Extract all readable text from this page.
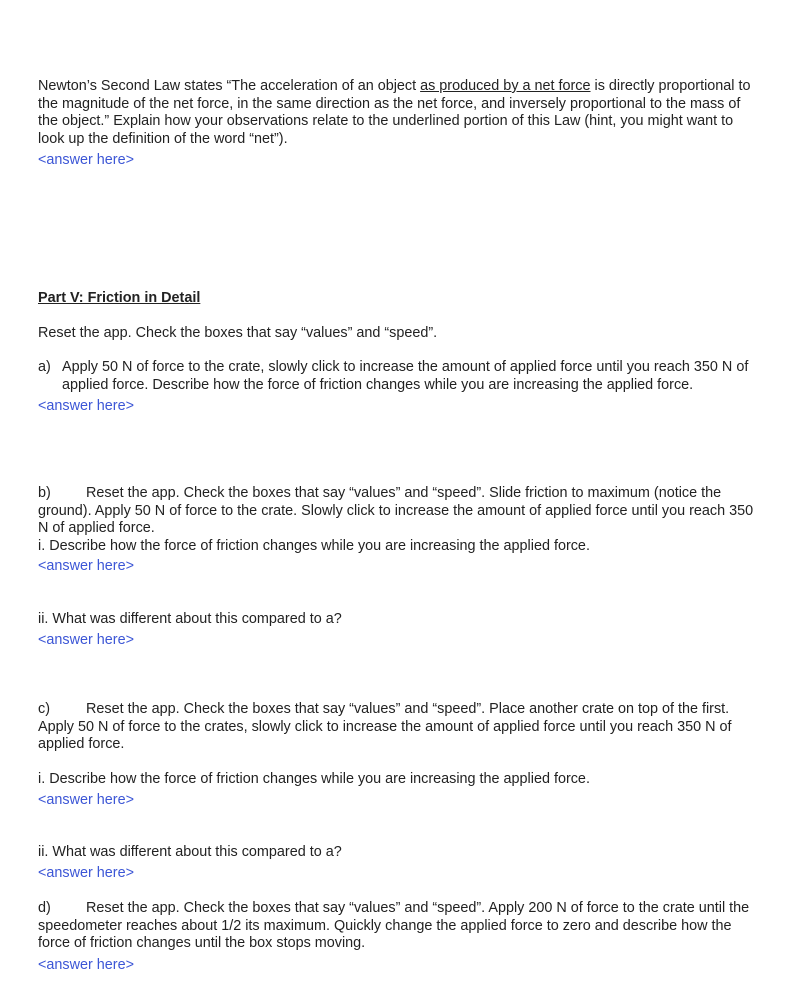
Newton’s Second Law states “The acceleration of an object as produced by a net force is directly proportional to the magnitude of the net force, in the same direction as the net force, and inversely proportional to the mass of the object.” Explain how your observations relate to the underlined portion of this Law (hint, you might want to look up the definition of the word “net”).

<answer here>
Part V: Friction in Detail
Reset the app. Check the boxes that say “values” and “speed”.

a) Apply 50 N of force to the crate, slowly click to increase the amount of applied force until you reach 350 N of applied force. Describe how the force of friction changes while you are increasing the applied force.

<answer here>

b) Reset the app. Check the boxes that say “values” and “speed”. Slide friction to maximum (notice the ground). Apply 50 N of force to the crate. Slowly click to increase the amount of applied force until you reach 350 N of applied force.

i. Describe how the force of friction changes while you are increasing the applied force.
<answer here>
ii. What was different about this compared to a?
<answer here>

c)	Reset the app. Check the boxes that say “values” and “speed”. Place another crate on top of the first. Apply 50 N of force to the crates, slowly click to increase the amount of applied force until you reach 350 N of applied force.

i. Describe how the force of friction changes while you are increasing the applied force.
<answer here>
ii. What was different about this compared to a?
<answer here>

d) Reset the app. Check the boxes that say “values” and “speed”. Apply 200 N of force to the crate until the speedometer reaches about 1/2 its maximum. Quickly change the applied force to zero and describe how the force of friction changes until the box stops moving.

<answer here>
